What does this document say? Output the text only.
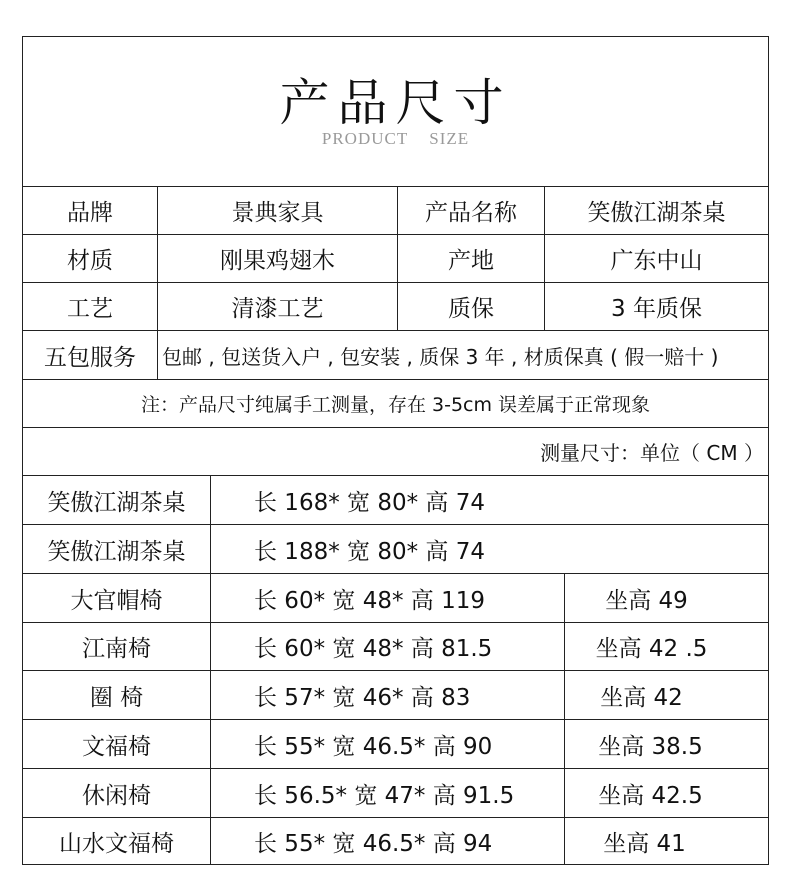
产品尺寸
PRODUCT SIZE
品牌	景典家具	产品名称	笑傲江湖茶桌
材质	刚果鸡翅木	产地	广东中山
工艺	清漆工艺	质保	3 年质保
五包服务	包邮 , 包送货入户 , 包安装 , 质保 3 年 , 材质保真 ( 假一赔十 )
注：产品尺寸纯属手工测量，存在 3-5cm 误差属于正常现象
测量尺寸：单位（ CM ）
笑傲江湖茶桌	长 168* 宽 80* 高 74
笑傲江湖茶桌	长 188* 宽 80* 高 74
大官帽椅	长 60* 宽 48* 高 119	坐高 49
江南椅	长 60* 宽 48* 高 81.5	坐高 42 .5
圈 椅	长 57* 宽 46* 高 83	坐高 42
文福椅	长 55* 宽 46.5* 高 90	坐高 38.5
休闲椅	长 56.5* 宽 47* 高 91.5	坐高 42.5
山水文福椅	长 55* 宽 46.5* 高 94	坐高 41
